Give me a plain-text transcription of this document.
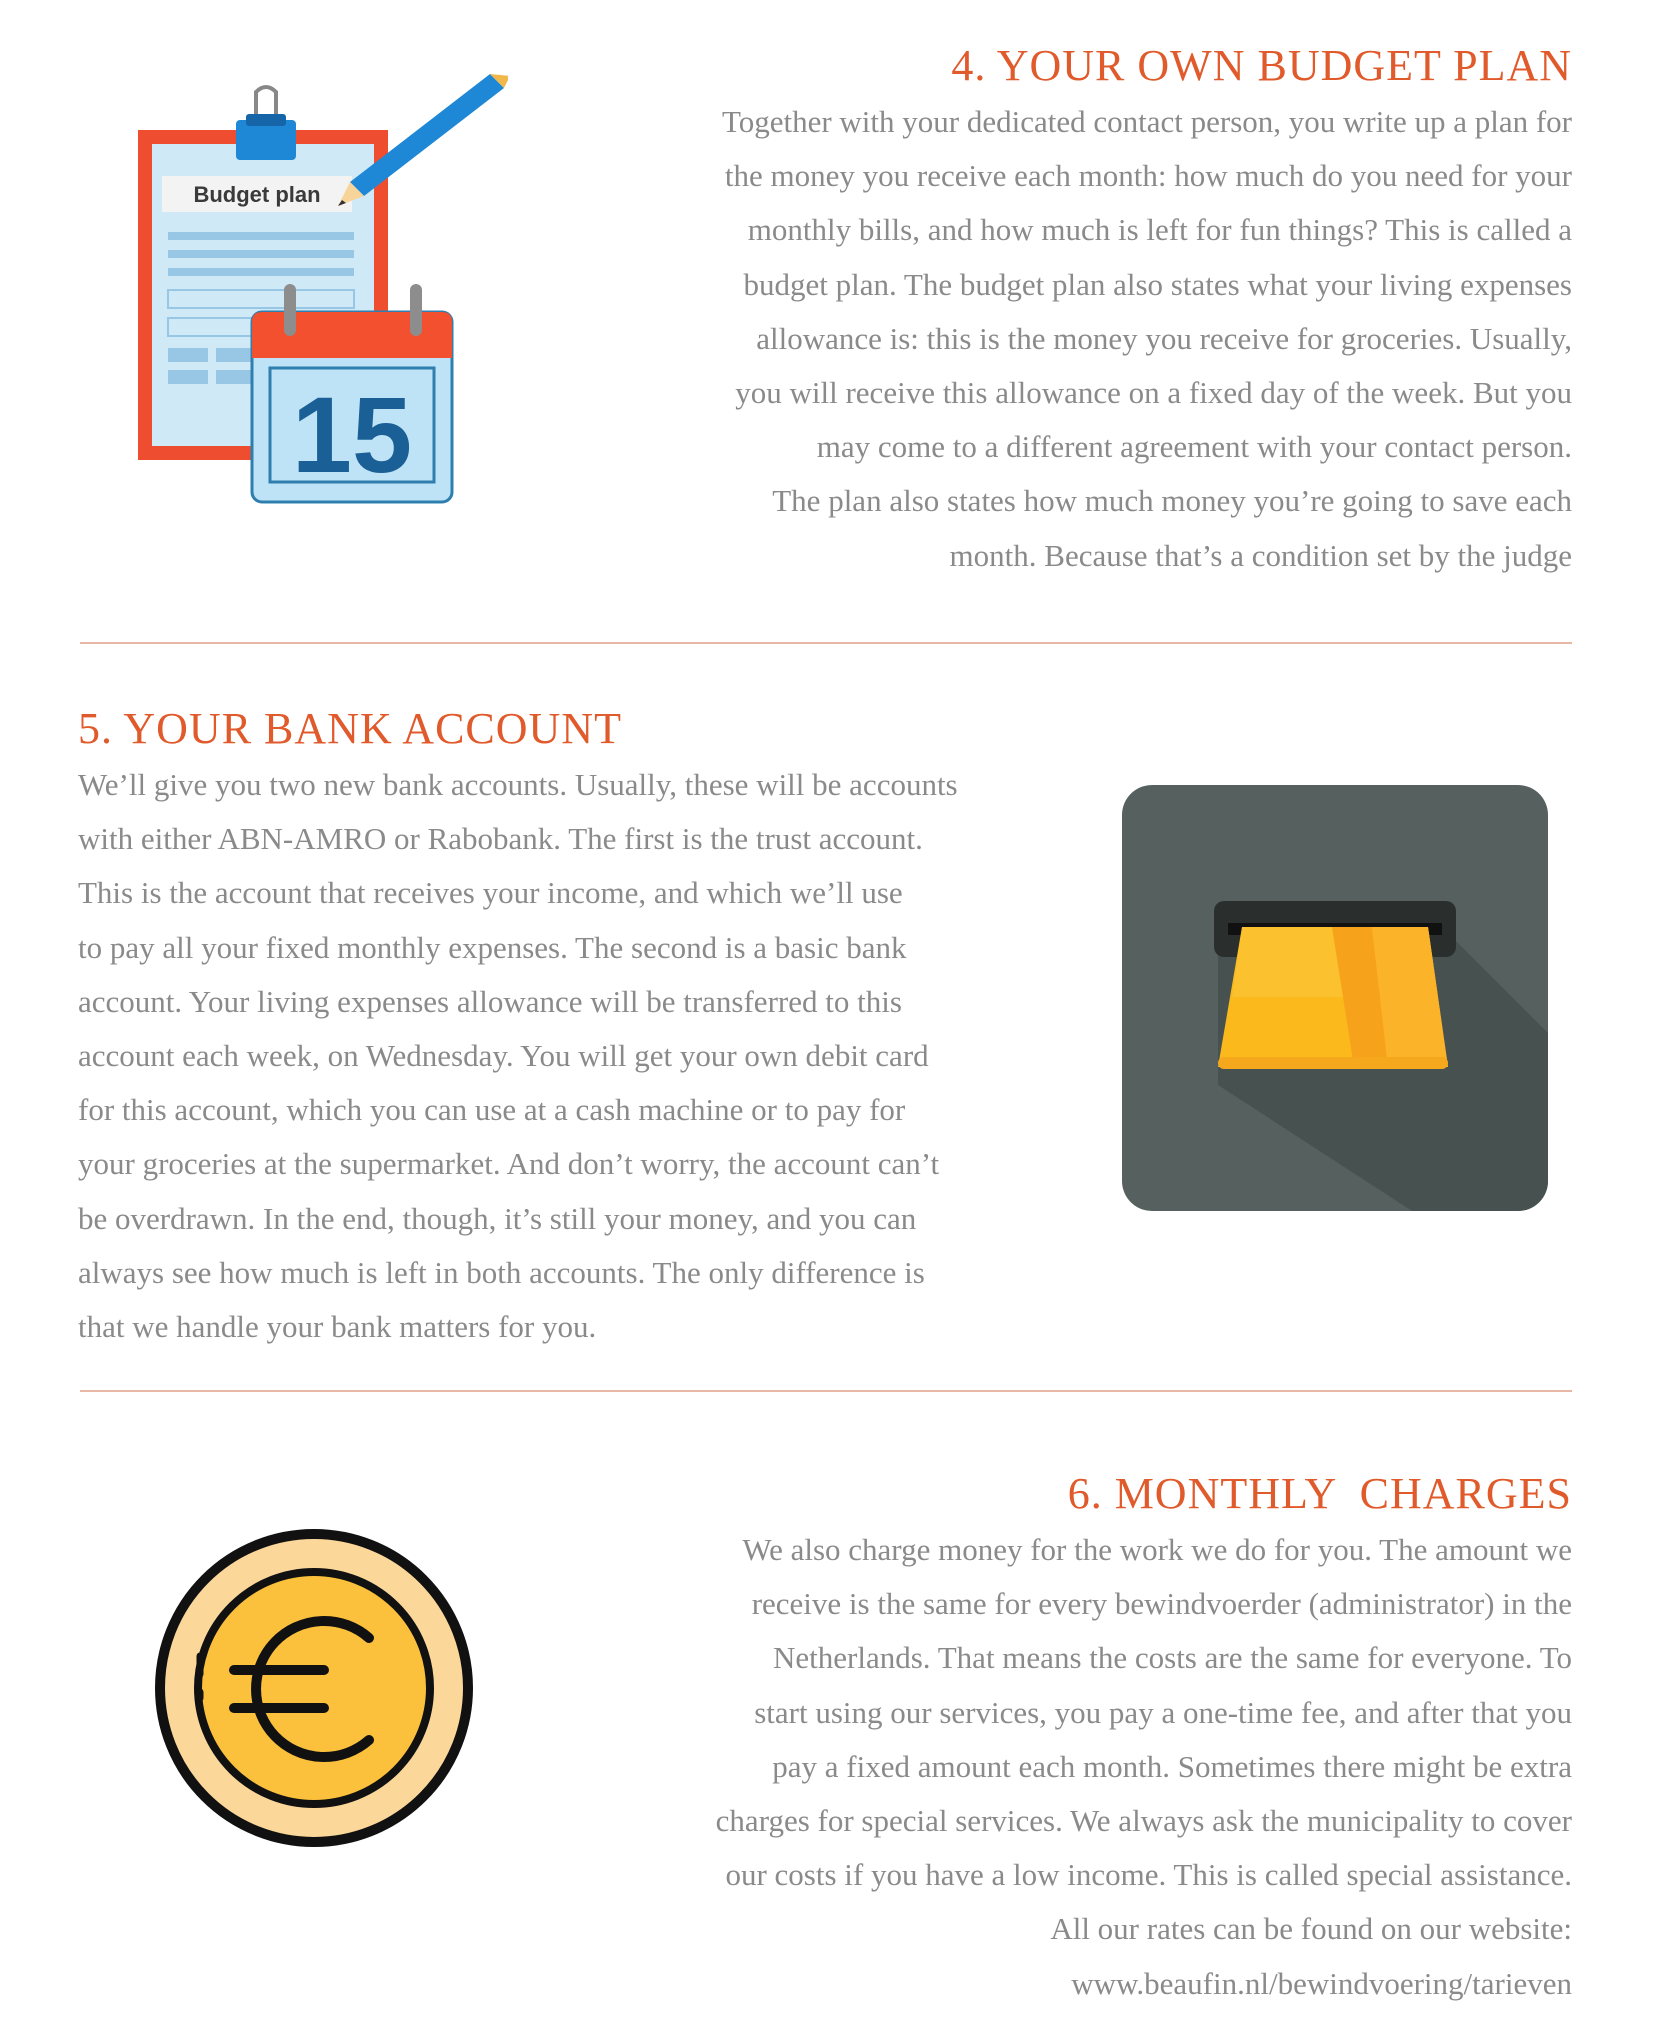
Budget plan
15
4. YOUR OWN BUDGET PLAN
Together with your dedicated contact person, you write up a plan for
the money you receive each month: how much do you need for your
monthly bills, and how much is left for fun things? This is called a
budget plan. The budget plan also states what your living expenses
allowance is: this is the money you receive for groceries. Usually,
you will receive this allowance on a fixed day of the week. But you
may come to a different agreement with your contact person.
The plan also states how much money you’re going to save each
month. Because that’s a condition set by the judge
5. YOUR BANK ACCOUNT
We’ll give you two new bank accounts. Usually, these will be accounts
with either ABN-AMRO or Rabobank. The first is the trust account.
This is the account that receives your income, and which we’ll use
to pay all your fixed monthly expenses. The second is a basic bank
account. Your living expenses allowance will be transferred to this
account each week, on Wednesday. You will get your own debit card
for this account, which you can use at a cash machine or to pay for
your groceries at the supermarket. And don’t worry, the account can’t
be overdrawn. In the end, though, it’s still your money, and you can
always see how much is left in both accounts. The only difference is
that we handle your bank matters for you.
6. MONTHLY  CHARGES
We also charge money for the work we do for you. The amount we
receive is the same for every bewindvoerder (administrator) in the
Netherlands. That means the costs are the same for everyone. To
start using our services, you pay a one-time fee, and after that you
pay a fixed amount each month. Sometimes there might be extra
charges for special services. We always ask the municipality to cover
our costs if you have a low income. This is called special assistance.
All our rates can be found on our website:
www.beaufin.nl/bewindvoering/tarieven
